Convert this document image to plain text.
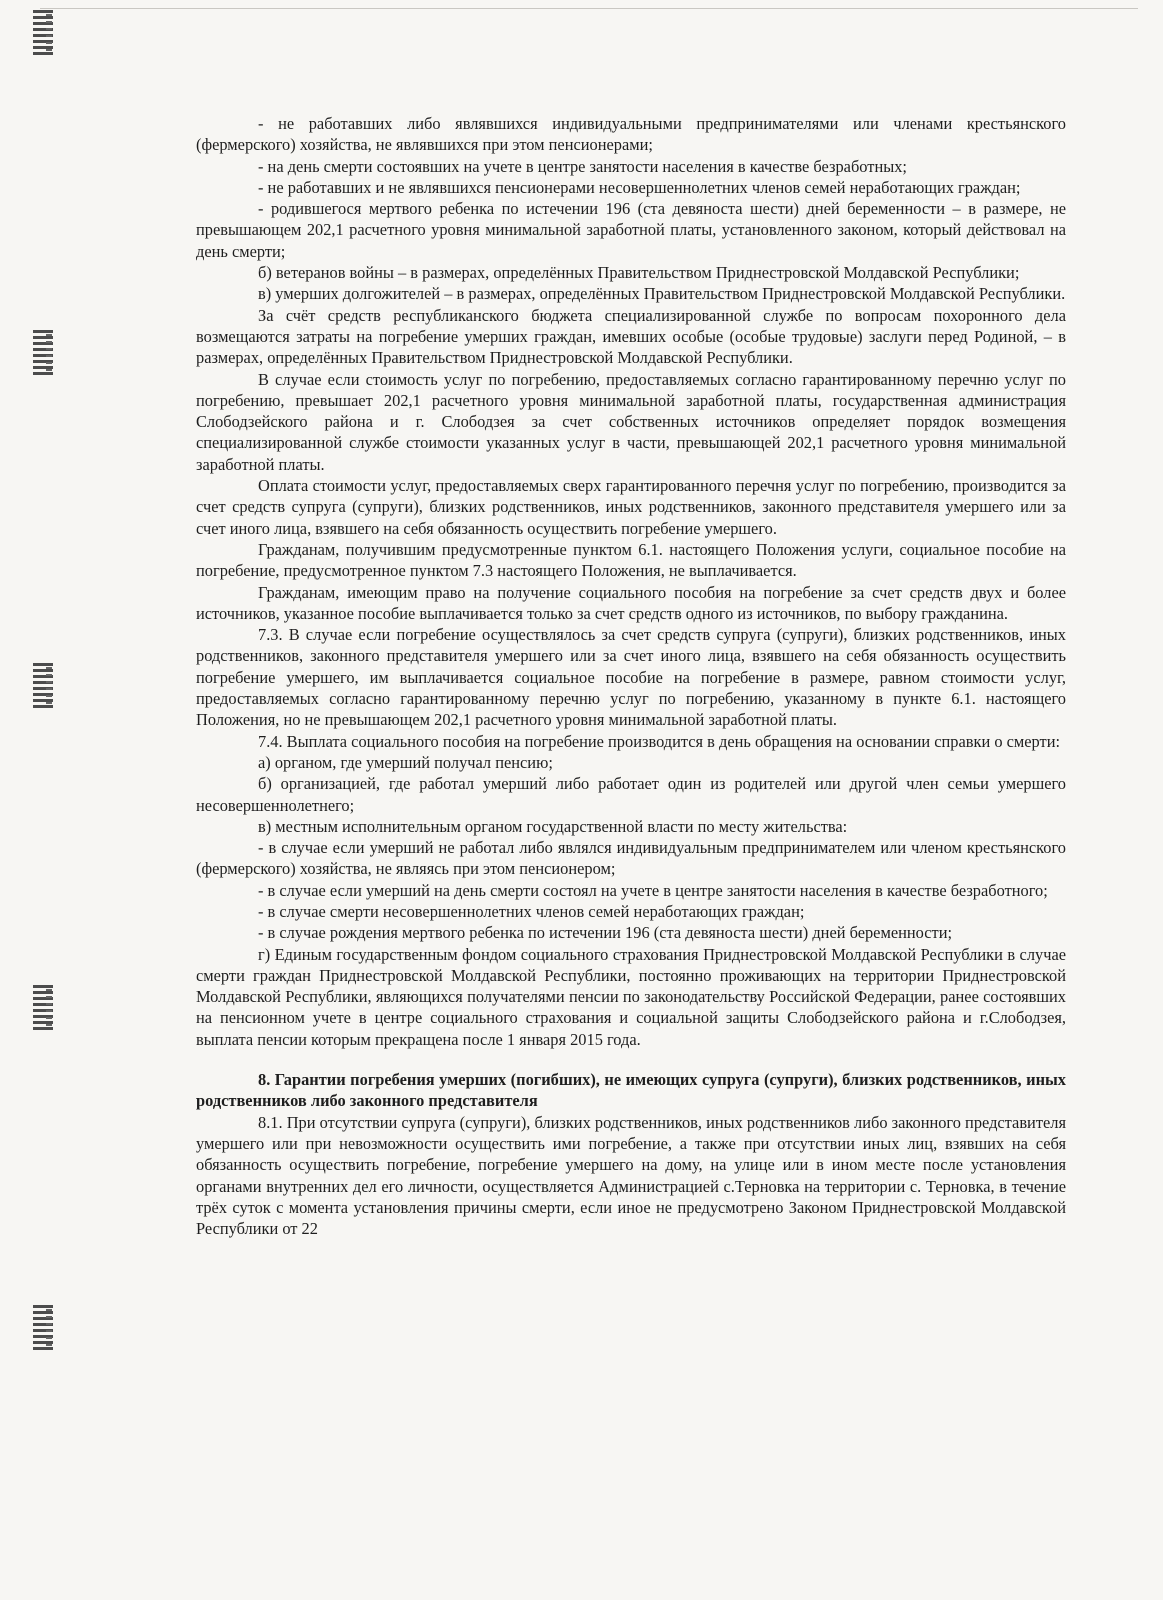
- не работавших либо являвшихся индивидуальными предпринимателями или членами крестьянского (фермерского) хозяйства, не являвшихся при этом пенсионерами;

- на день смерти состоявших на учете в центре занятости населения в качестве безработных;

- не работавших и не являвшихся пенсионерами несовершеннолетних членов семей неработающих граждан;

- родившегося мертвого ребенка по истечении 196 (ста девяноста шести) дней беременности – в размере, не превышающем 202,1 расчетного уровня минимальной заработной платы, установленного законом, который действовал на день смерти;

б) ветеранов войны – в размерах, определённых Правительством Приднестровской Молдавской Республики;

в) умерших долгожителей – в размерах, определённых Правительством Приднестровской Молдавской Республики.

За счёт средств республиканского бюджета специализированной службе по вопросам похоронного дела возмещаются затраты на погребение умерших граждан, имевших особые (особые трудовые) заслуги перед Родиной, – в размерах, определённых Правительством Приднестровской Молдавской Республики.

В случае если стоимость услуг по погребению, предоставляемых согласно гарантированному перечню услуг по погребению, превышает 202,1 расчетного уровня минимальной заработной платы, государственная администрация Слободзейского района и г. Слободзея за счет собственных источников определяет порядок возмещения специализированной службе стоимости указанных услуг в части, превышающей 202,1 расчетного уровня минимальной заработной платы.

Оплата стоимости услуг, предоставляемых сверх гарантированного перечня услуг по погребению, производится за счет средств супруга (супруги), близких родственников, иных родственников, законного представителя умершего или за счет иного лица, взявшего на себя обязанность осуществить погребение умершего.

Гражданам, получившим предусмотренные пунктом 6.1. настоящего Положения услуги, социальное пособие на погребение, предусмотренное пунктом 7.3 настоящего Положения, не выплачивается.

Гражданам, имеющим право на получение социального пособия на погребение за счет средств двух и более источников, указанное пособие выплачивается только за счет средств одного из источников, по выбору гражданина.

7.3. В случае если погребение осуществлялось за счет средств супруга (супруги), близких родственников, иных родственников, законного представителя умершего или за счет иного лица, взявшего на себя обязанность осуществить погребение умершего, им выплачивается социальное пособие на погребение в размере, равном стоимости услуг, предоставляемых согласно гарантированному перечню услуг по погребению, указанному в пункте 6.1. настоящего Положения, но не превышающем 202,1 расчетного уровня минимальной заработной платы.

7.4. Выплата социального пособия на погребение производится в день обращения на основании справки о смерти:

а) органом, где умерший получал пенсию;

б) организацией, где работал умерший либо работает один из родителей или другой член семьи умершего несовершеннолетнего;

в) местным исполнительным органом государственной власти по месту жительства:

- в случае если умерший не работал либо являлся индивидуальным предпринимателем или членом крестьянского (фермерского) хозяйства, не являясь при этом пенсионером;

- в случае если умерший на день смерти состоял на учете в центре занятости населения в качестве безработного;

- в случае смерти несовершеннолетних членов семей неработающих граждан;

- в случае рождения мертвого ребенка по истечении 196 (ста девяноста шести) дней беременности;

г) Единым государственным фондом социального страхования Приднестровской Молдавской Республики в случае смерти граждан Приднестровской Молдавской Республики, постоянно проживающих на территории Приднестровской Молдавской Республики, являющихся получателями пенсии по законодательству Российской Федерации, ранее состоявших на пенсионном учете в центре социального страхования и социальной защиты Слободзейского района и г.Слободзея, выплата пенсии которым прекращена после 1 января 2015 года.

8. Гарантии погребения умерших (погибших), не имеющих супруга (супруги), близких родственников, иных родственников либо законного представителя

8.1. При отсутствии супруга (супруги), близких родственников, иных родственников либо законного представителя умершего или при невозможности осуществить ими погребение, а также при отсутствии иных лиц, взявших на себя обязанность осуществить погребение, погребение умершего на дому, на улице или в ином месте после установления органами внутренних дел его личности, осуществляется Администрацией с.Терновка на территории с. Терновка, в течение трёх суток с момента установления причины смерти, если иное не предусмотрено Законом Приднестровской Молдавской Республики от 22
